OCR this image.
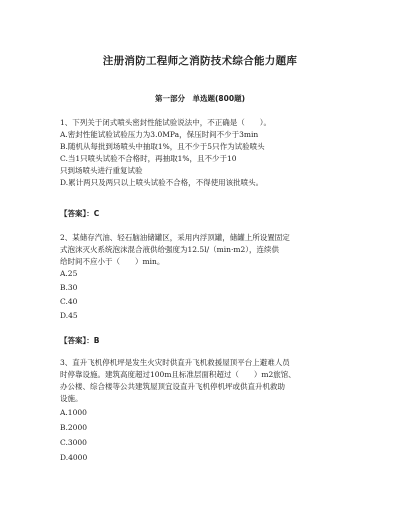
注册消防工程师之消防技术综合能力题库
第一部分　单选题(800题)
1、下列关于闭式喷头密封性能试验说法中，不正确是（　　）。
A.密封性能试验试验压力为3.0MPa，保压时间不少于3min
B.随机从每批到场喷头中抽取1%，且不少于5只作为试验喷头
C.当1只喷头试验不合格时，再抽取1%，且不少于10
只到场喷头进行重复试验
D.累计两只及两只以上喷头试验不合格，不得使用该批喷头。
【答案】：C
2、某储存汽油、轻石脑油储罐区，采用内浮顶罐，储罐上所设置固定
式泡沫灭火系统泡沫混合液供给强度为12.5l/（min·m2），连续供
给时间不应小于（　　）min。
A.25
B.30
C.40
D.45
【答案】：B
3、直升飞机停机坪是发生火灾时供直升飞机救援屋顶平台上避难人员
时停靠设施。建筑高度超过100m且标准层面积超过（　　）m2旅馆、
办公楼、综合楼等公共建筑屋顶宜设直升飞机停机坪或供直升机救助
设施。
A.1000
B.2000
C.3000
D.4000
